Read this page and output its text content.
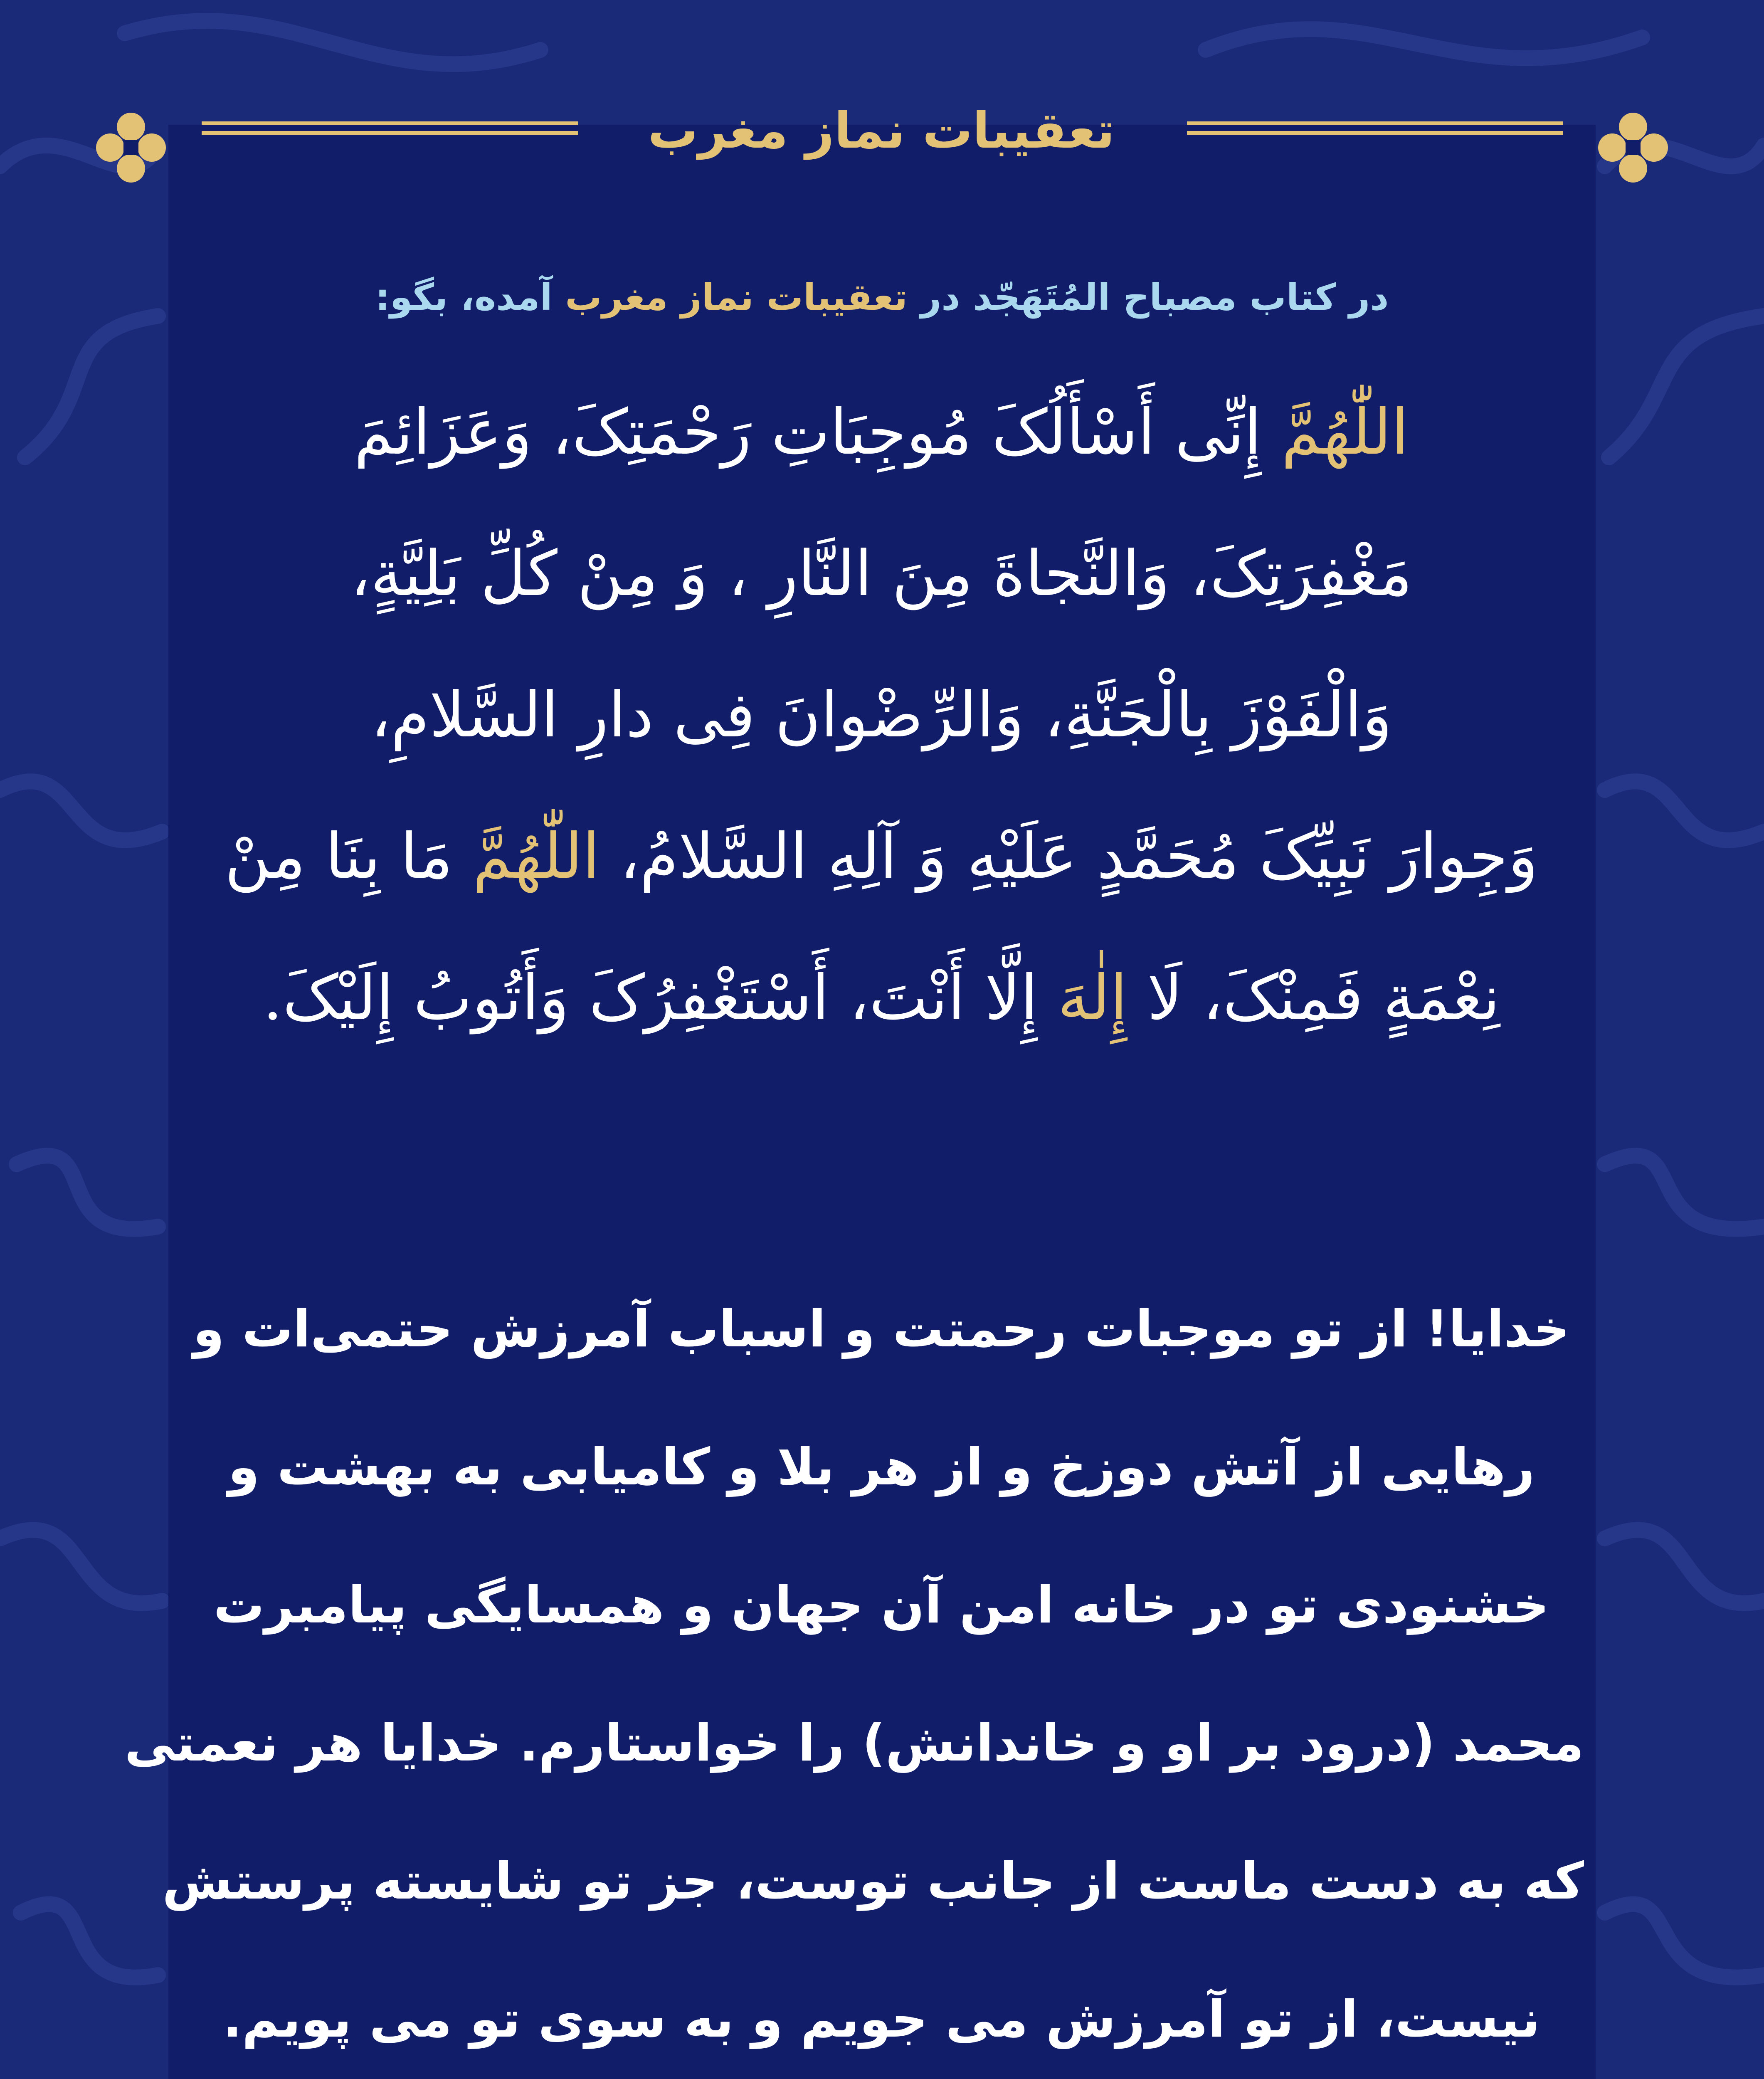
تعقیبات نماز مغرب
در کتاب مصباح المُتَهَجّد در تعقیبات نماز مغرب آمده، بگو:
اللّٰهُمَّ إِنِّی أَسْأَلُکَ مُوجِبَاتِ رَحْمَتِکَ، وَعَزَائِمَ
مَغْفِرَتِکَ، وَالنَّجاةَ مِنَ النَّارِ ، وَ مِنْ کُلِّ بَلِیَّةٍ،
وَالْفَوْزَ بِالْجَنَّةِ، وَالرِّضْوانَ فِی دارِ السَّلامِ،
وَجِوارَ نَبِیِّکَ مُحَمَّدٍ عَلَیْهِ وَ آلِهِ السَّلامُ، اللّٰهُمَّ مَا بِنَا مِنْ
نِعْمَةٍ فَمِنْکَ، لَا إِلٰهَ إِلَّا أَنْتَ، أَسْتَغْفِرُکَ وَأَتُوبُ إِلَیْکَ.
خدایا! از تو موجبات رحمتت و اسباب آمرزش حتمی‌ات و
رهایی از آتش دوزخ و از هر بلا و کامیابی به بهشت و
خشنودی تو در خانه امن آن جهان و همسایگی پیامبرت
محمد (درود بر او و خاندانش) را خواستارم. خدایا هر نعمتی
که به دست ماست از جانب توست، جز تو شایسته پرستش
نیست، از تو آمرزش می جویم و به سوی تو می پویم.
